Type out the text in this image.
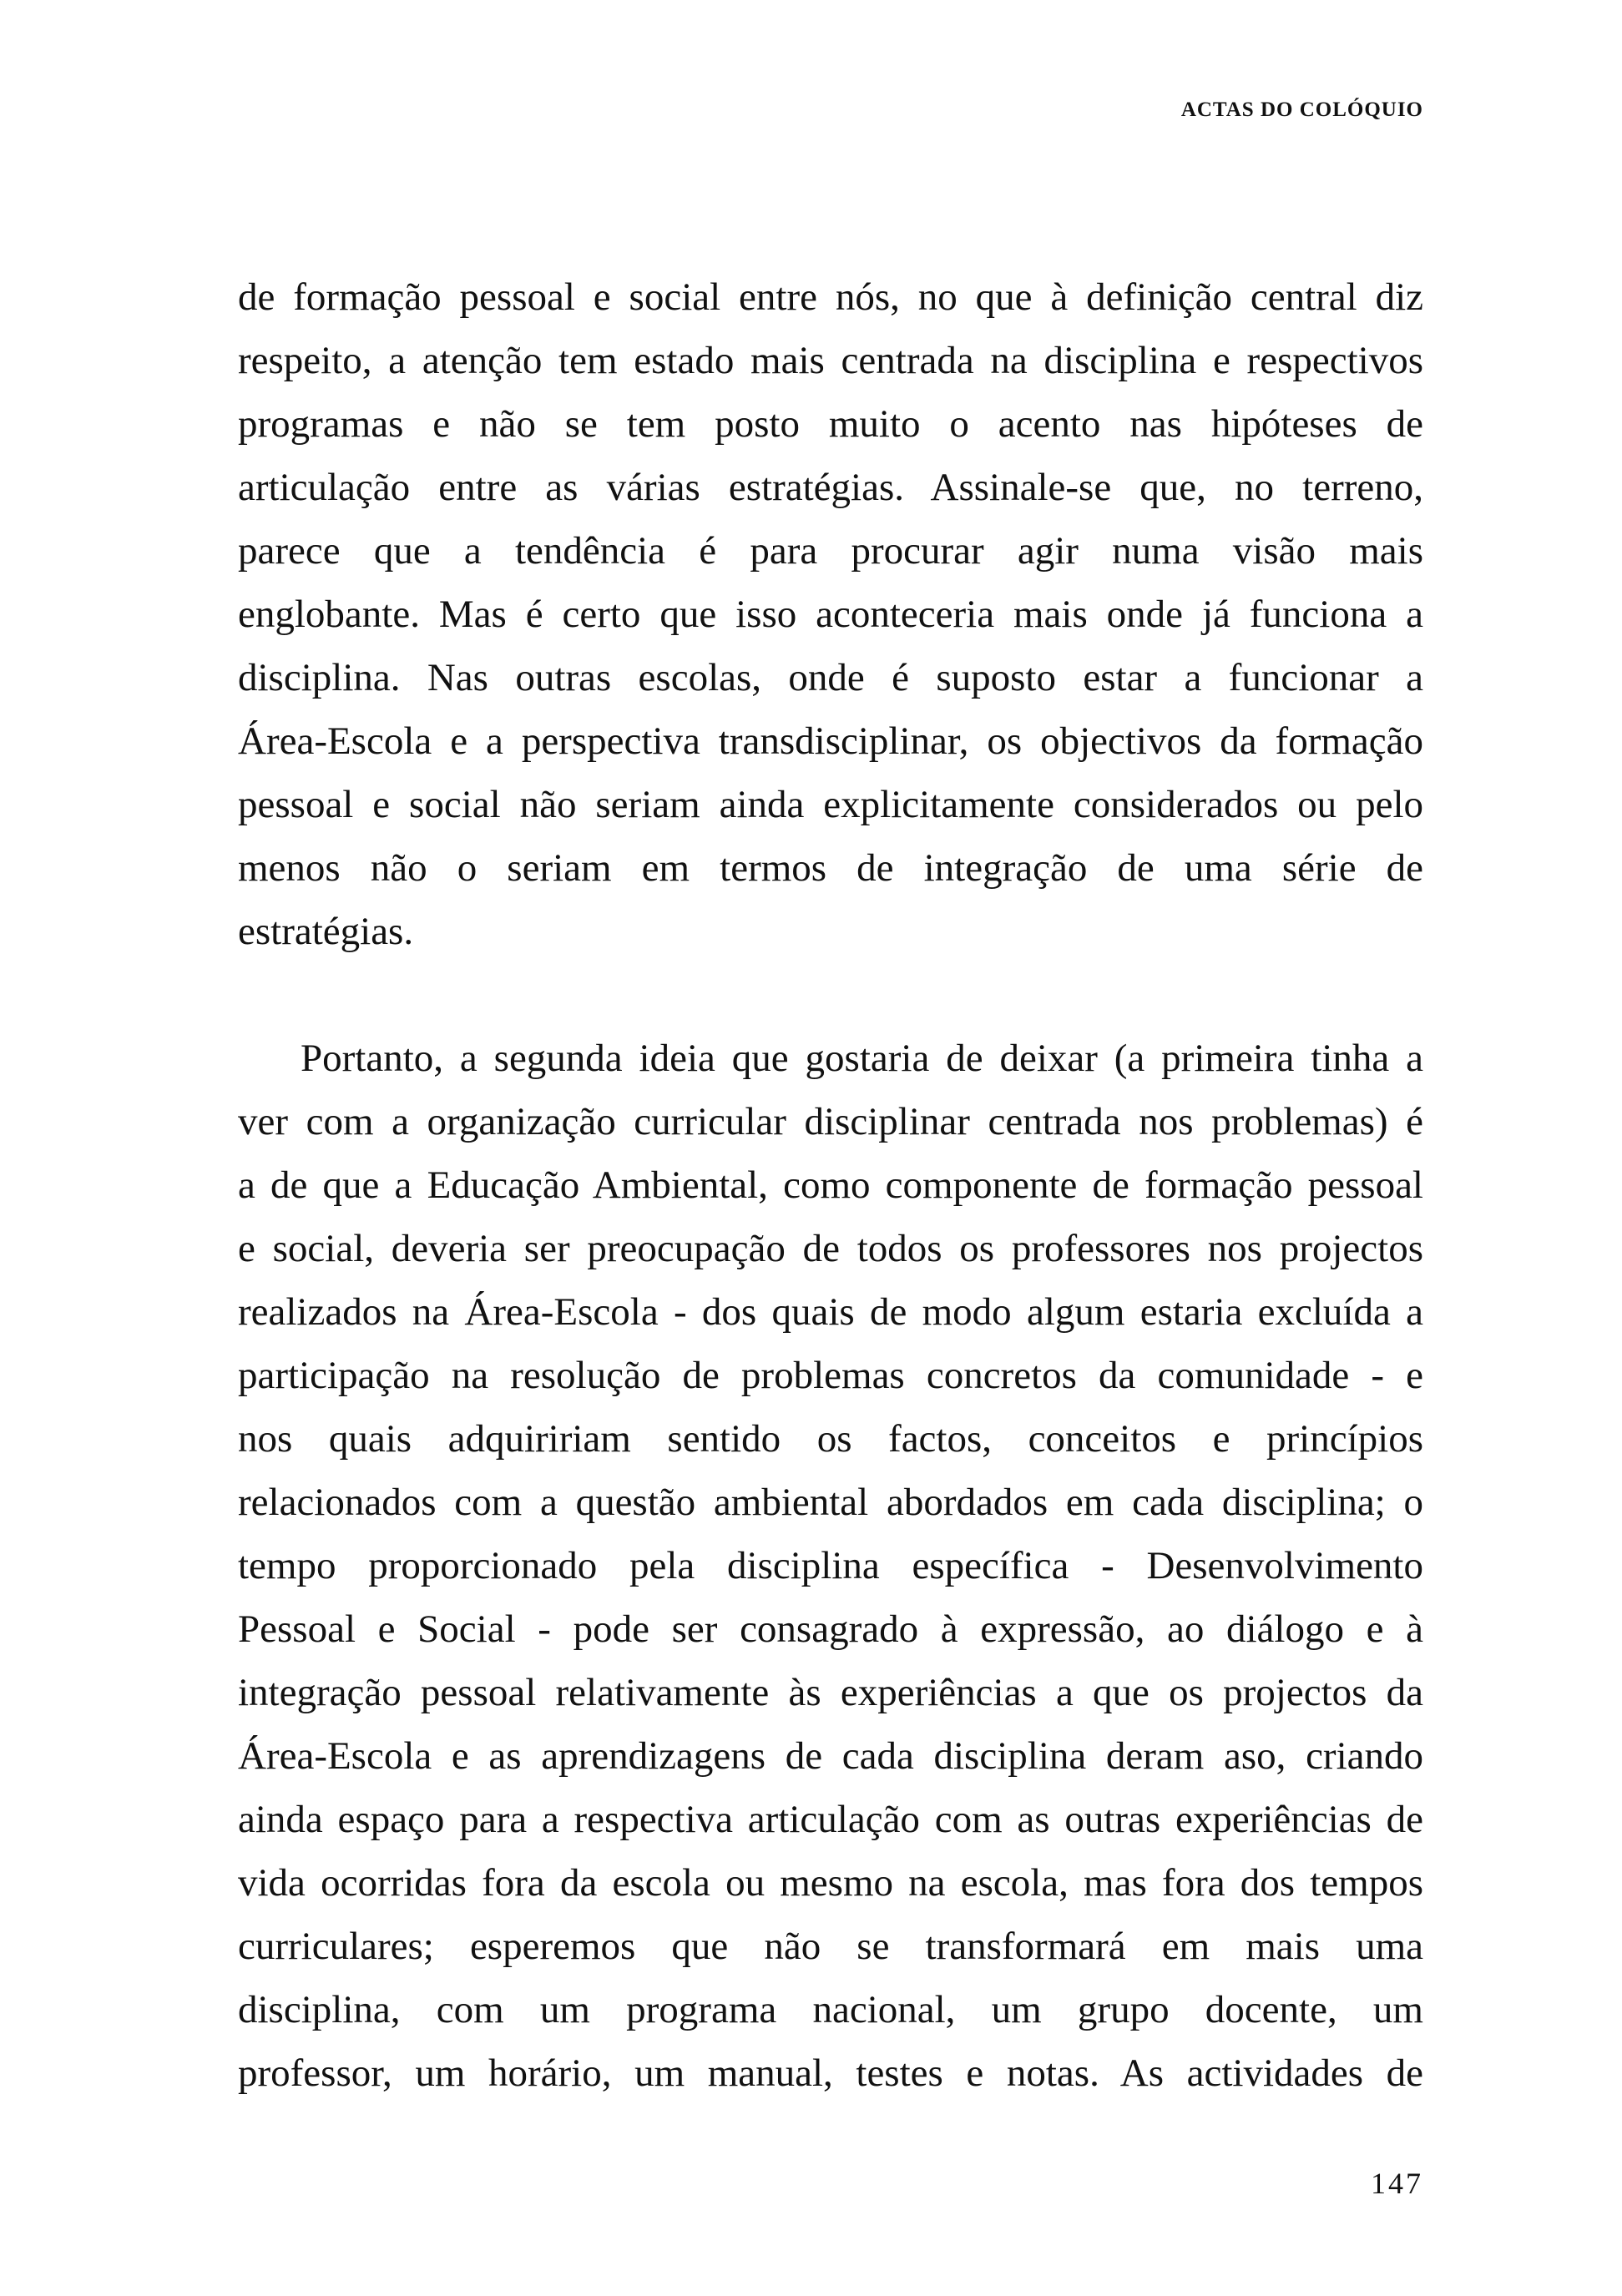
ACTAS DO COLÓQUIO
de formação pessoal e social entre nós, no que à definição central diz
respeito, a atenção tem estado mais centrada na disciplina e respectivos
programas e não se tem posto muito o acento nas hipóteses de
articulação entre as várias estratégias. Assinale-se que, no terreno,
parece que a tendência é para procurar agir numa visão mais
englobante. Mas é certo que isso aconteceria mais onde já funciona a
disciplina. Nas outras escolas, onde é suposto estar a funcionar a
Área-Escola e a perspectiva transdisciplinar, os objectivos da formação
pessoal e social não seriam ainda explicitamente considerados ou pelo
menos não o seriam em termos de integração de uma série de
estratégias.
Portanto, a segunda ideia que gostaria de deixar (a primeira tinha a
ver com a organização curricular disciplinar centrada nos problemas) é
a de que a Educação Ambiental, como componente de formação pessoal
e social, deveria ser preocupação de todos os professores nos projectos
realizados na Área-Escola - dos quais de modo algum estaria excluída a
participação na resolução de problemas concretos da comunidade - e
nos quais adquiririam sentido os factos, conceitos e princípios
relacionados com a questão ambiental abordados em cada disciplina; o
tempo proporcionado pela disciplina específica - Desenvolvimento
Pessoal e Social - pode ser consagrado à expressão, ao diálogo e à
integração pessoal relativamente às experiências a que os projectos da
Área-Escola e as aprendizagens de cada disciplina deram aso, criando
ainda espaço para a respectiva articulação com as outras experiências de
vida ocorridas fora da escola ou mesmo na escola, mas fora dos tempos
curriculares; esperemos que não se transformará em mais uma
disciplina, com um programa nacional, um grupo docente, um
professor, um horário, um manual, testes e notas. As actividades de
147
